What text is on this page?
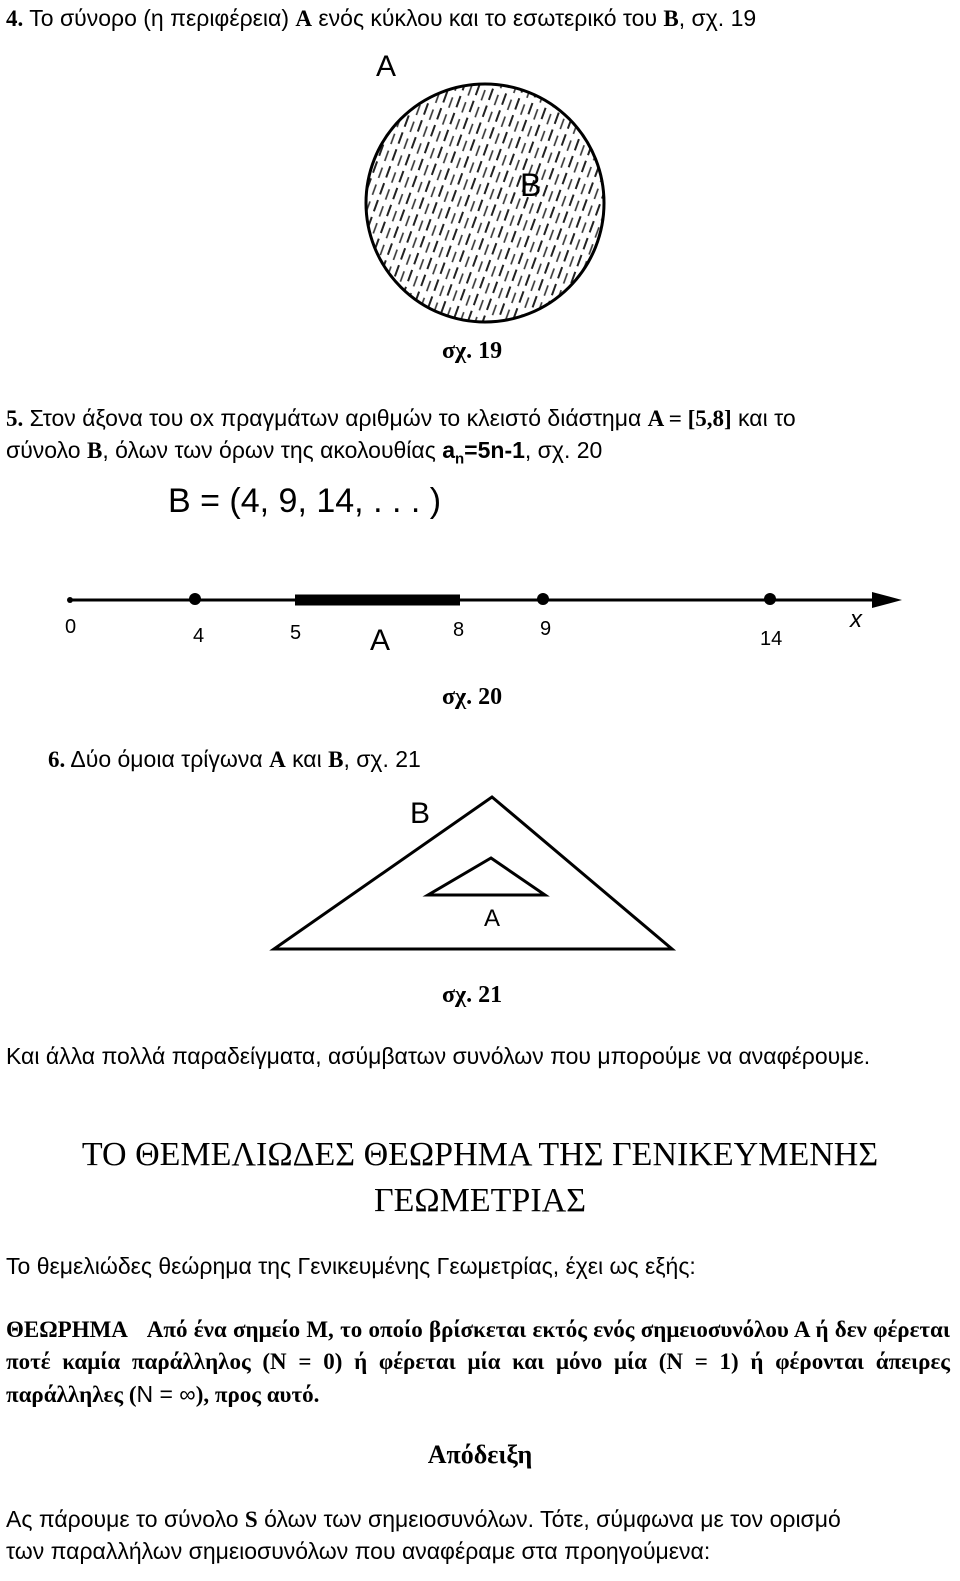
4. Το σύνορο (η περιφέρεια) A ενός κύκλου και το εσωτερικό του B, σχ. 19
A
B
σχ. 19
5. Στον άξονα του οx πραγμάτων αριθμών το κλειστό διάστημα A = [5,8] και το
σύνολο B, όλων των όρων της ακολουθίας $a_n=5n-1$, σχ. 20
B = (4, 9, 14, . . . )
0	4	5	8	9	14
A
x
σχ. 20
6. Δύο όμοια τρίγωνα A και B, σχ. 21
B
A
σχ. 21
Και άλλα πολλά παραδείγματα, ασύμβατων συνόλων που μπορούμε να αναφέρουμε.
ΤΟ ΘΕΜΕΛΙΩΔΕΣ ΘΕΩΡΗΜΑ ΤΗΣ ΓΕΝΙΚΕΥΜΕΝΗΣ
ΓΕΩΜΕΤΡΙΑΣ
Το θεμελιώδες θεώρημα της Γενικευμένης Γεωμετρίας, έχει ως εξής:
ΘΕΩΡΗΜΑ Από ένα σημείο Μ, το οποίο βρίσκεται εκτός ενός σημειοσυνόλου Α ή δεν φέρεται ποτέ καμία παράλληλος (Ν = 0) ή φέρεται μία και μόνο μία (Ν = 1) ή φέρονται άπειρες παράλληλες (N = ∞), προς αυτό.
Απόδειξη
Ας πάρουμε το σύνολο S όλων των σημειοσυνόλων. Τότε, σύμφωνα με τον ορισμό
των παραλλήλων σημειοσυνόλων που αναφέραμε στα προηγούμενα:
